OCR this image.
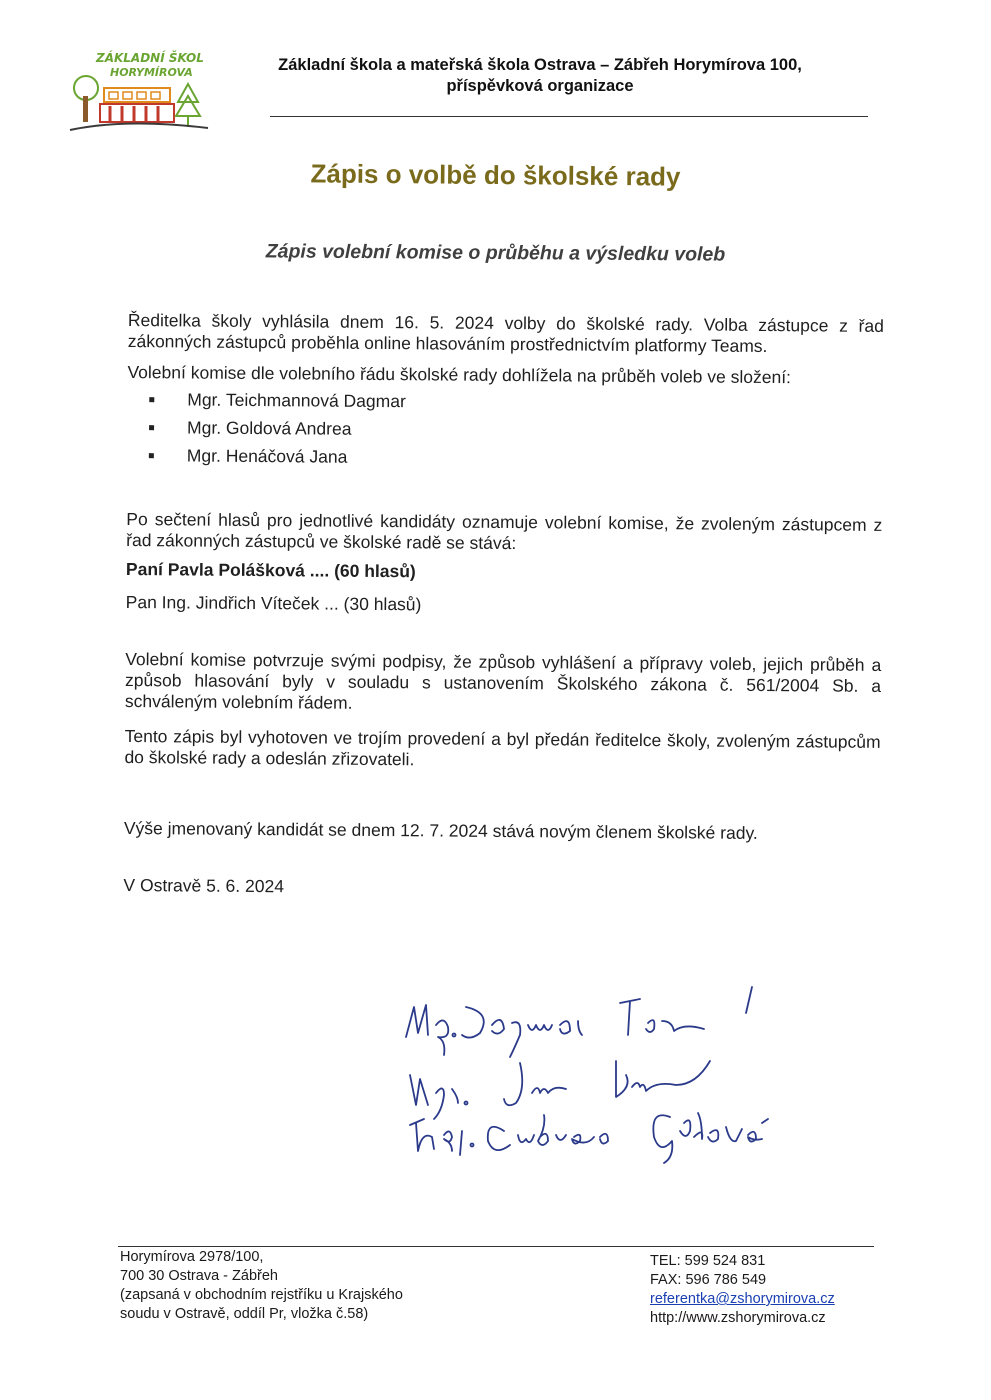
ZÁKLADNÍ ŠKOL
HORYMÍROVA	Základní škola a mateřská škola Ostrava – Zábřeh Horymírova 100,
příspěvková organizace
Zápis o volbě do školské rady
Zápis volební komise o průběhu a výsledku voleb

Ředitelka školy vyhlásila dnem 16. 5. 2024 volby do školské rady. Volba zástupce z řad zákonných zástupců proběhla online hlasováním prostřednictvím platformy Teams.

Volební komise dle volebního řádu školské rady dohlížela na průběh voleb ve složení:

Mgr. Teichmannová Dagmar
Mgr. Goldová Andrea
Mgr. Henáčová Jana

Po sečtení hlasů pro jednotlivé kandidáty oznamuje volební komise, že zvoleným zástupcem z řad zákonných zástupců ve školské radě se stává:

Paní Pavla Polášková .... (60 hlasů)

Pan Ing. Jindřich Víteček ... (30 hlasů)

Volební komise potvrzuje svými podpisy, že způsob vyhlášení a přípravy voleb, jejich průběh a způsob hlasování byly v souladu s ustanovením Školského zákona č. 561/2004 Sb. a schváleným volebním řádem.

Tento zápis byl vyhotoven ve trojím provedení a byl předán ředitelce školy, zvoleným zástupcům do školské rady a odeslán zřizovateli.

Výše jmenovaný kandidát se dnem 12. 7. 2024 stává novým členem školské rady.

V Ostravě 5. 6. 2024

Horymírova 2978/100,
700 30 Ostrava - Zábřeh
(zapsaná v obchodním rejstříku u Krajského
soudu v Ostravě, oddíl Pr, vložka č.58)
TEL: 599 524 831
FAX: 596 786 549
referentka@zshorymirova.cz
http://www.zshorymirova.cz
